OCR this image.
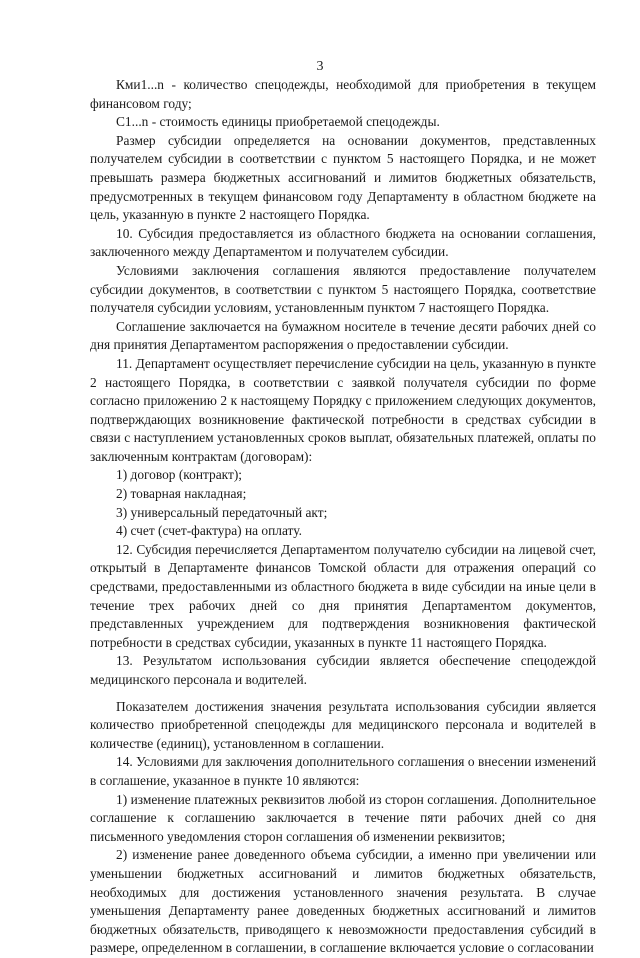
3

Кми1...n - количество спецодежды, необходимой для приобретения в текущем финансовом году;

С1...n - стоимость единицы приобретаемой спецодежды.

Размер субсидии определяется на основании документов, представленных получателем субсидии в соответствии с пунктом 5 настоящего Порядка, и не может превышать размера бюджетных ассигнований и лимитов бюджетных обязательств, предусмотренных в текущем финансовом году Департаменту в областном бюджете на цель, указанную в пункте 2 настоящего Порядка.

10. Субсидия предоставляется из областного бюджета на основании соглашения, заключенного между Департаментом и получателем субсидии.

Условиями заключения соглашения являются предоставление получателем субсидии документов, в соответствии с пунктом 5 настоящего Порядка, соответствие получателя субсидии условиям, установленным пунктом 7 настоящего Порядка.

Соглашение заключается на бумажном носителе в течение десяти рабочих дней со дня принятия Департаментом распоряжения о предоставлении субсидии.

11. Департамент осуществляет перечисление субсидии на цель, указанную в пункте 2 настоящего Порядка, в соответствии с заявкой получателя субсидии по форме согласно приложению 2 к настоящему Порядку с приложением следующих документов, подтверждающих возникновение фактической потребности в средствах субсидии в связи с наступлением установленных сроков выплат, обязательных платежей, оплаты по заключенным контрактам (договорам):

1) договор (контракт);

2) товарная накладная;

3) универсальный передаточный акт;

4) счет (счет-фактура) на оплату.

12. Субсидия перечисляется Департаментом получателю субсидии на лицевой счет, открытый в Департаменте финансов Томской области для отражения операций со средствами, предоставленными из областного бюджета в виде субсидии на иные цели в течение трех рабочих дней со дня принятия Департаментом документов, представленных учреждением для подтверждения возникновения фактической потребности в средствах субсидии, указанных в пункте 11 настоящего Порядка.

13. Результатом использования субсидии является обеспечение спецодеждой медицинского персонала и водителей.

Показателем достижения значения результата использования субсидии является количество приобретенной спецодежды для медицинского персонала и водителей в количестве (единиц), установленном в соглашении.

14. Условиями для заключения дополнительного соглашения о внесении изменений в соглашение, указанное в пункте 10 являются:

1) изменение платежных реквизитов любой из сторон соглашения. Дополнительное соглашение к соглашению заключается в течение пяти рабочих дней со дня письменного уведомления сторон соглашения об изменении реквизитов;

2) изменение ранее доведенного объема субсидии, а именно при увеличении или уменьшении бюджетных ассигнований и лимитов бюджетных обязательств, необходимых для достижения установленного значения результата. В случае уменьшения Департаменту ранее доведенных бюджетных ассигнований и лимитов бюджетных обязательств, приводящего к невозможности предоставления субсидий в размере, определенном в соглашении, в соглашение включается условие о согласовании
